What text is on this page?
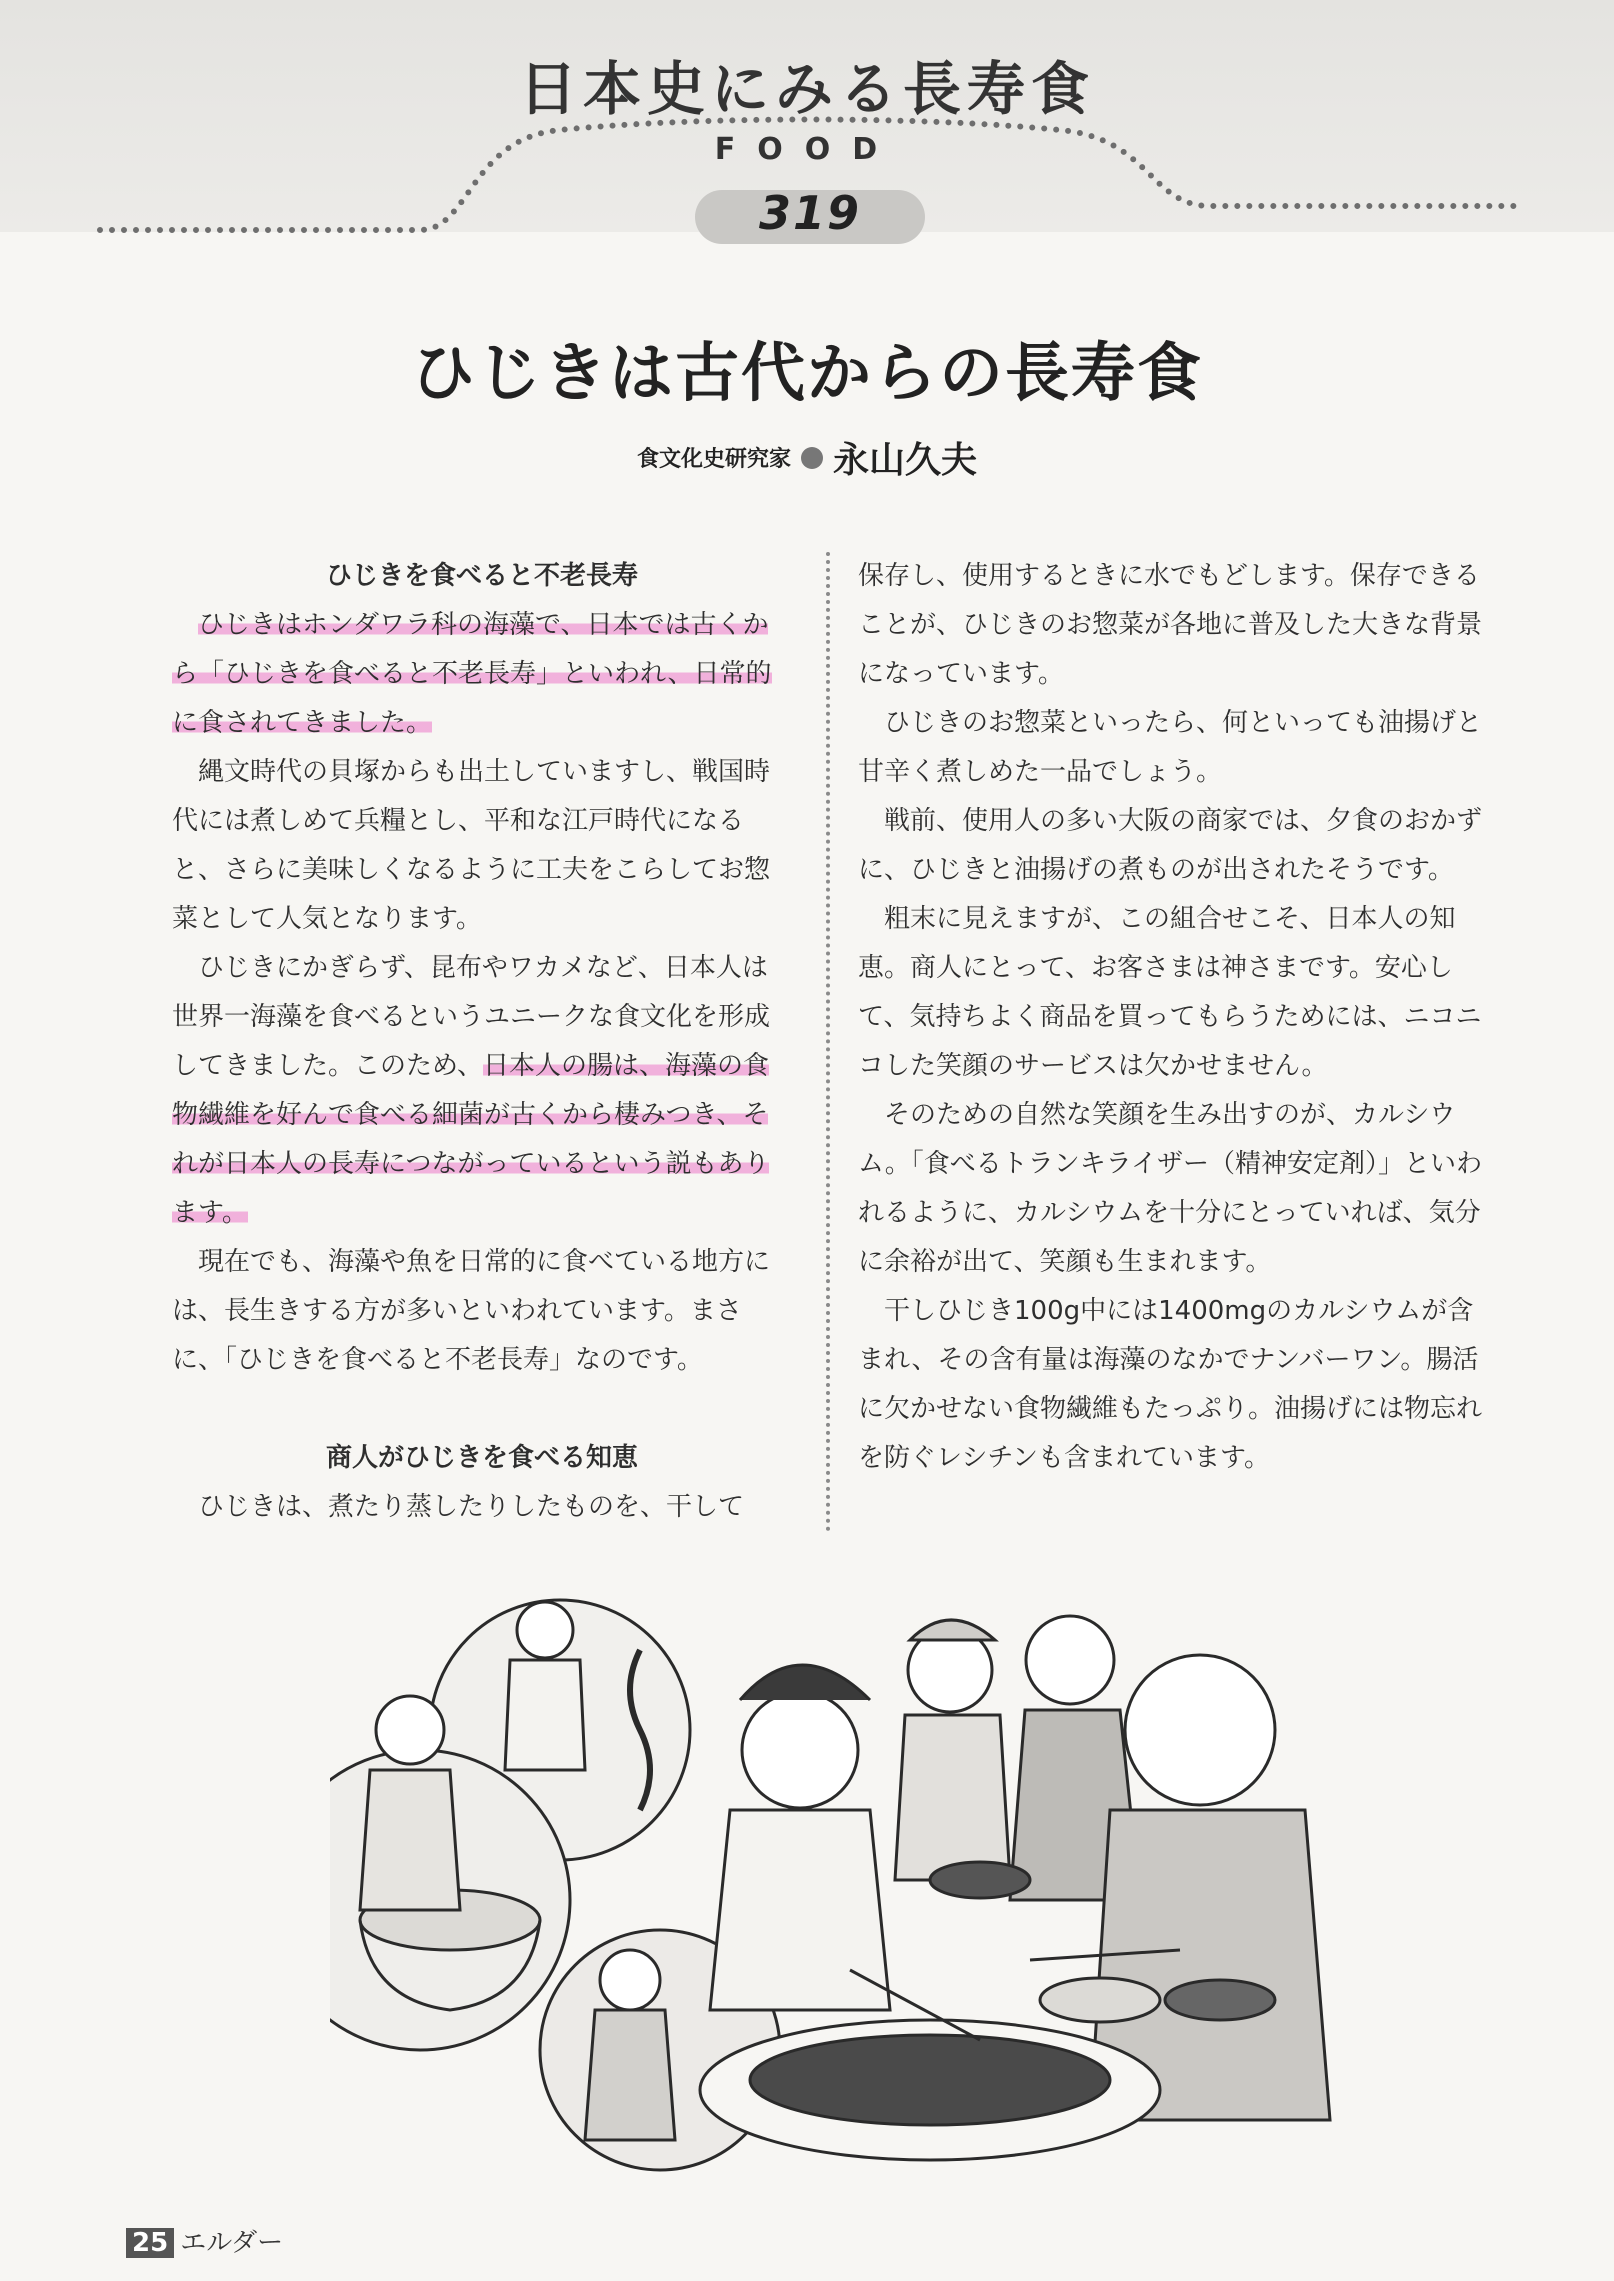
日本史にみる長寿食
FOOD
319
ひじきは古代からの長寿食
食文化史研究家 永山久夫
ひじきを食べると不老長寿

ひじきはホンダワラ科の海藻で、日本では古くから「ひじきを食べると不老長寿」といわれ、日常的に食されてきました。

縄文時代の貝塚からも出土していますし、戦国時代には煮しめて兵糧とし、平和な江戸時代になると、さらに美味しくなるように工夫をこらしてお惣菜として人気となります。

ひじきにかぎらず、昆布やワカメなど、日本人は世界一海藻を食べるというユニークな食文化を形成してきました。このため、日本人の腸は、海藻の食物繊維を好んで食べる細菌が古くから棲みつき、それが日本人の長寿につながっているという説もあります。

現在でも、海藻や魚を日常的に食べている地方には、長生きする方が多いといわれています。まさに、「ひじきを食べると不老長寿」なのです。

商人がひじきを食べる知恵

ひじきは、煮たり蒸したりしたものを、干して

保存し、使用するときに水でもどします。保存できることが、ひじきのお惣菜が各地に普及した大きな背景になっています。

ひじきのお惣菜といったら、何といっても油揚げと甘辛く煮しめた一品でしょう。

戦前、使用人の多い大阪の商家では、夕食のおかずに、ひじきと油揚げの煮ものが出されたそうです。

粗末に見えますが、この組合せこそ、日本人の知恵。商人にとって、お客さまは神さまです。安心して、気持ちよく商品を買ってもらうためには、ニコニコした笑顔のサービスは欠かせません。

そのための自然な笑顔を生み出すのが、カルシウム。「食べるトランキライザー（精神安定剤）」といわれるように、カルシウムを十分にとっていれば、気分に余裕が出て、笑顔も生まれます。

干しひじき100g中には1400mgのカルシウムが含まれ、その含有量は海藻のなかでナンバーワン。腸活に欠かせない食物繊維もたっぷり。油揚げには物忘れを防ぐレシチンも含まれています。

25 エルダー
